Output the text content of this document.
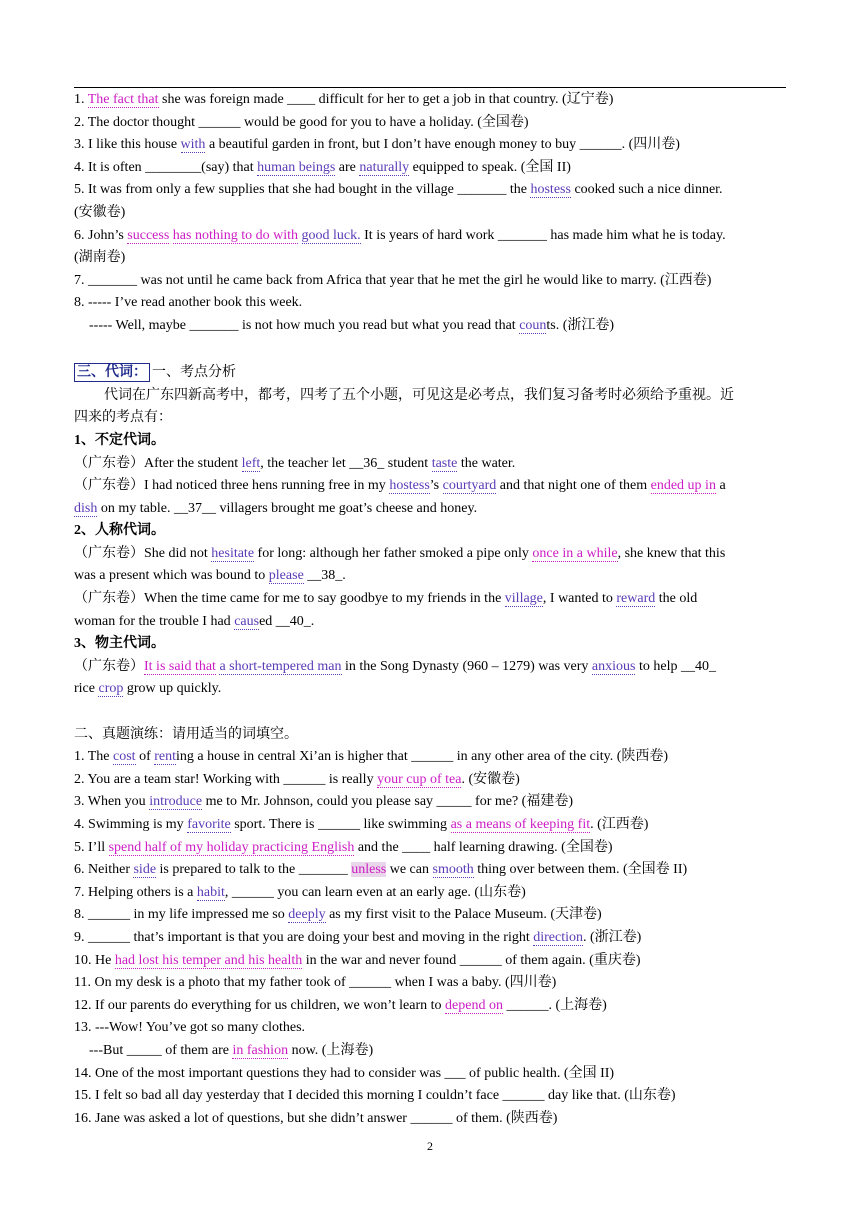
1. The fact that she was foreign made ____ difficult for her to get a job in that country. (辽宁卷)
2. The doctor thought ______ would be good for you to have a holiday. (全国卷)
3. I like this house with a beautiful garden in front, but I don’t have enough money to buy ______. (四川卷)
4. It is often ________(say) that human beings are naturally equipped to speak. (全国 II)
5. It was from only a few supplies that she had bought in the village _______ the hostess cooked such a nice dinner.
(安徽卷)
6. John’s success has nothing to do with good luck. It is years of hard work _______ has made him what he is today.
(湖南卷)
7. _______ was not until he came back from Africa that year that he met the girl he would like to marry. (江西卷)
8. ----- I’ve read another book this week.
----- Well, maybe _______ is not how much you read but what you read that counts. (浙江卷)
三、代词： 一、考点分析
代词在广东四新高考中，都考，四考了五个小题，可见这是必考点，我们复习备考时必须给予重视。近
四来的考点有：
1、不定代词。
（广东卷）After the student left, the teacher let __36_ student taste the water.
（广东卷）I had noticed three hens running free in my hostess’s courtyard and that night one of them ended up in a
dish on my table. __37__ villagers brought me goat’s cheese and honey.
2、人称代词。
（广东卷）She did not hesitate for long: although her father smoked a pipe only once in a while, she knew that this
was a present which was bound to please __38_.
（广东卷）When the time came for me to say goodbye to my friends in the village, I wanted to reward the old
woman for the trouble I had caused __40_.
3、物主代词。
（广东卷）It is said that a short-tempered man in the Song Dynasty (960 – 1279) was very anxious to help __40_
rice crop grow up quickly.
二、真题演练：请用适当的词填空。
1. The cost of renting a house in central Xi’an is higher that ______ in any other area of the city. (陕西卷)
2. You are a team star! Working with ______ is really your cup of tea. (安徽卷)
3. When you introduce me to Mr. Johnson, could you please say _____ for me? (福建卷)
4. Swimming is my favorite sport. There is ______ like swimming as a means of keeping fit. (江西卷)
5. I’ll spend half of my holiday practicing English and the ____ half learning drawing. (全国卷)
6. Neither side is prepared to talk to the _______ unless we can smooth thing over between them. (全国卷 II)
7. Helping others is a habit, ______ you can learn even at an early age. (山东卷)
8. ______ in my life impressed me so deeply as my first visit to the Palace Museum. (天津卷)
9. ______ that’s important is that you are doing your best and moving in the right direction. (浙江卷)
10. He had lost his temper and his health in the war and never found ______ of them again. (重庆卷)
11. On my desk is a photo that my father took of ______ when I was a baby. (四川卷)
12. If our parents do everything for us children, we won’t learn to depend on ______. (上海卷)
13. ---Wow! You’ve got so many clothes.
---But _____ of them are in fashion now. (上海卷)
14. One of the most important questions they had to consider was ___ of public health. (全国 II)
15. I felt so bad all day yesterday that I decided this morning I couldn’t face ______ day like that. (山东卷)
16. Jane was asked a lot of questions, but she didn’t answer ______ of them. (陕西卷)
2
